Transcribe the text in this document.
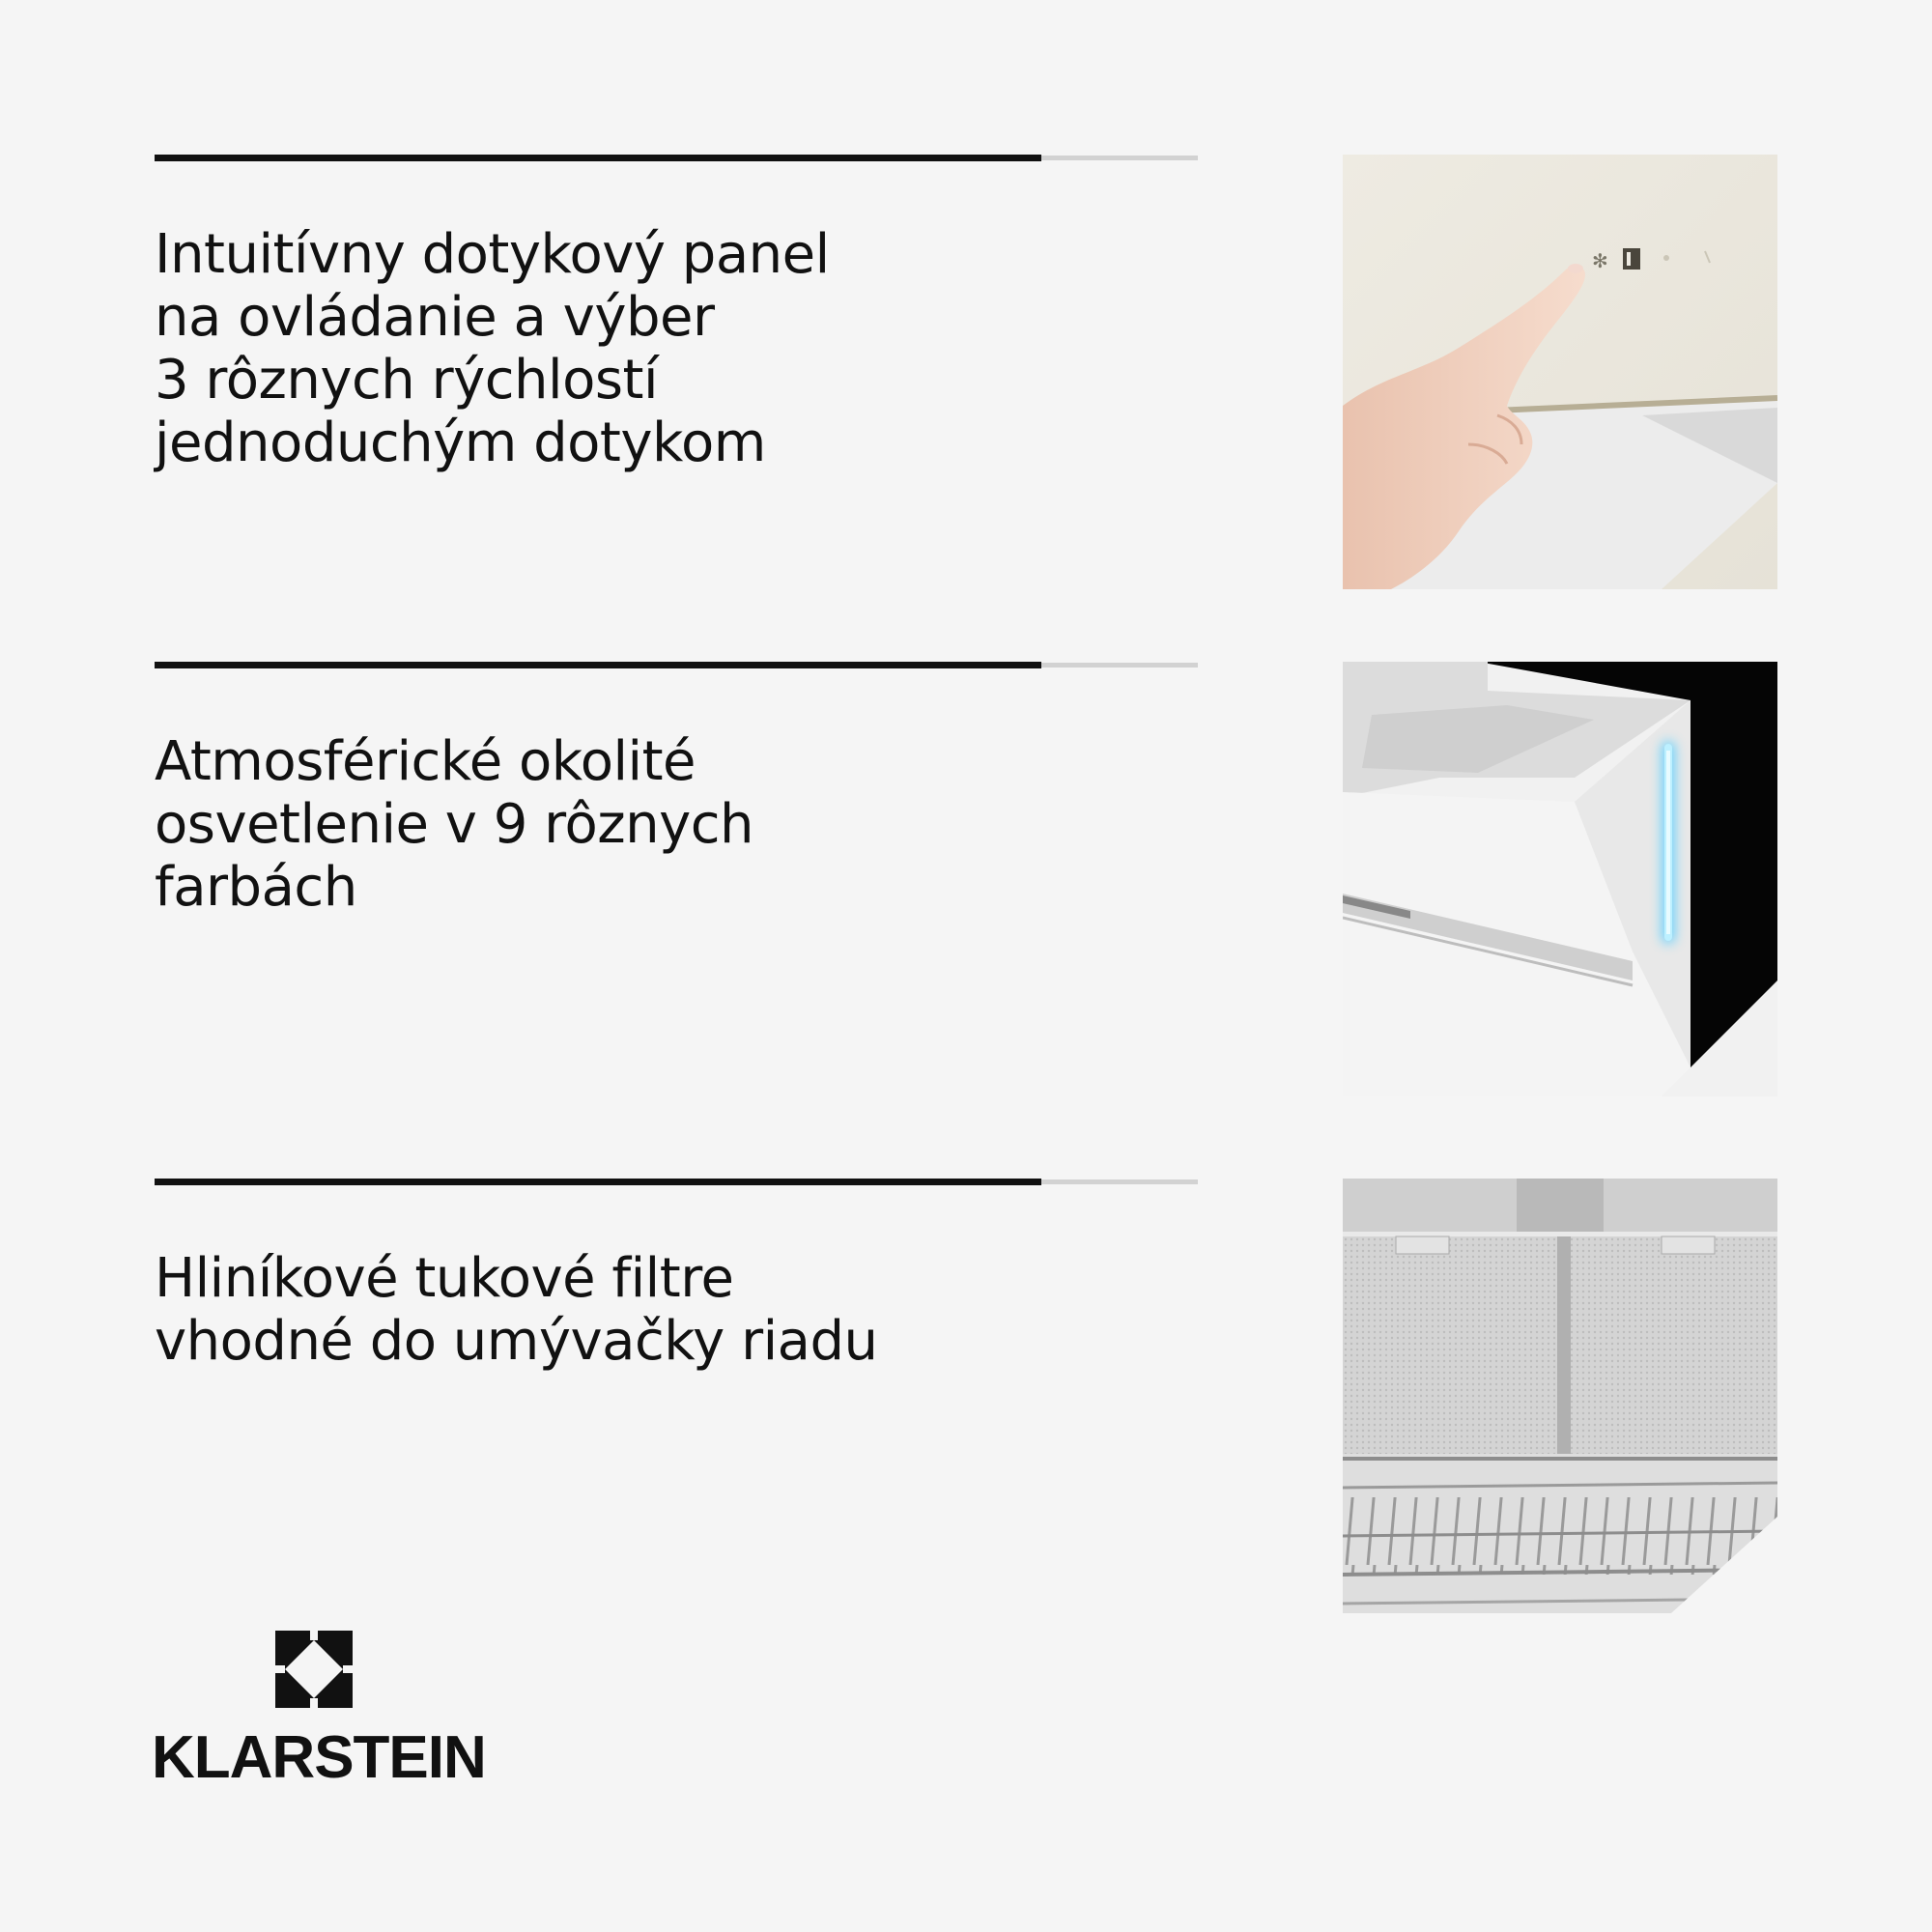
Intuitívny dotykový panel
na ovládanie a výber
3 rôznych rýchlostí
jednoduchým dotykom
✻
Atmosférické okolité
osvetlenie v 9 rôznych
farbách
Hliníkové tukové filtre
vhodné do umývačky riadu
KLARSTEIN
